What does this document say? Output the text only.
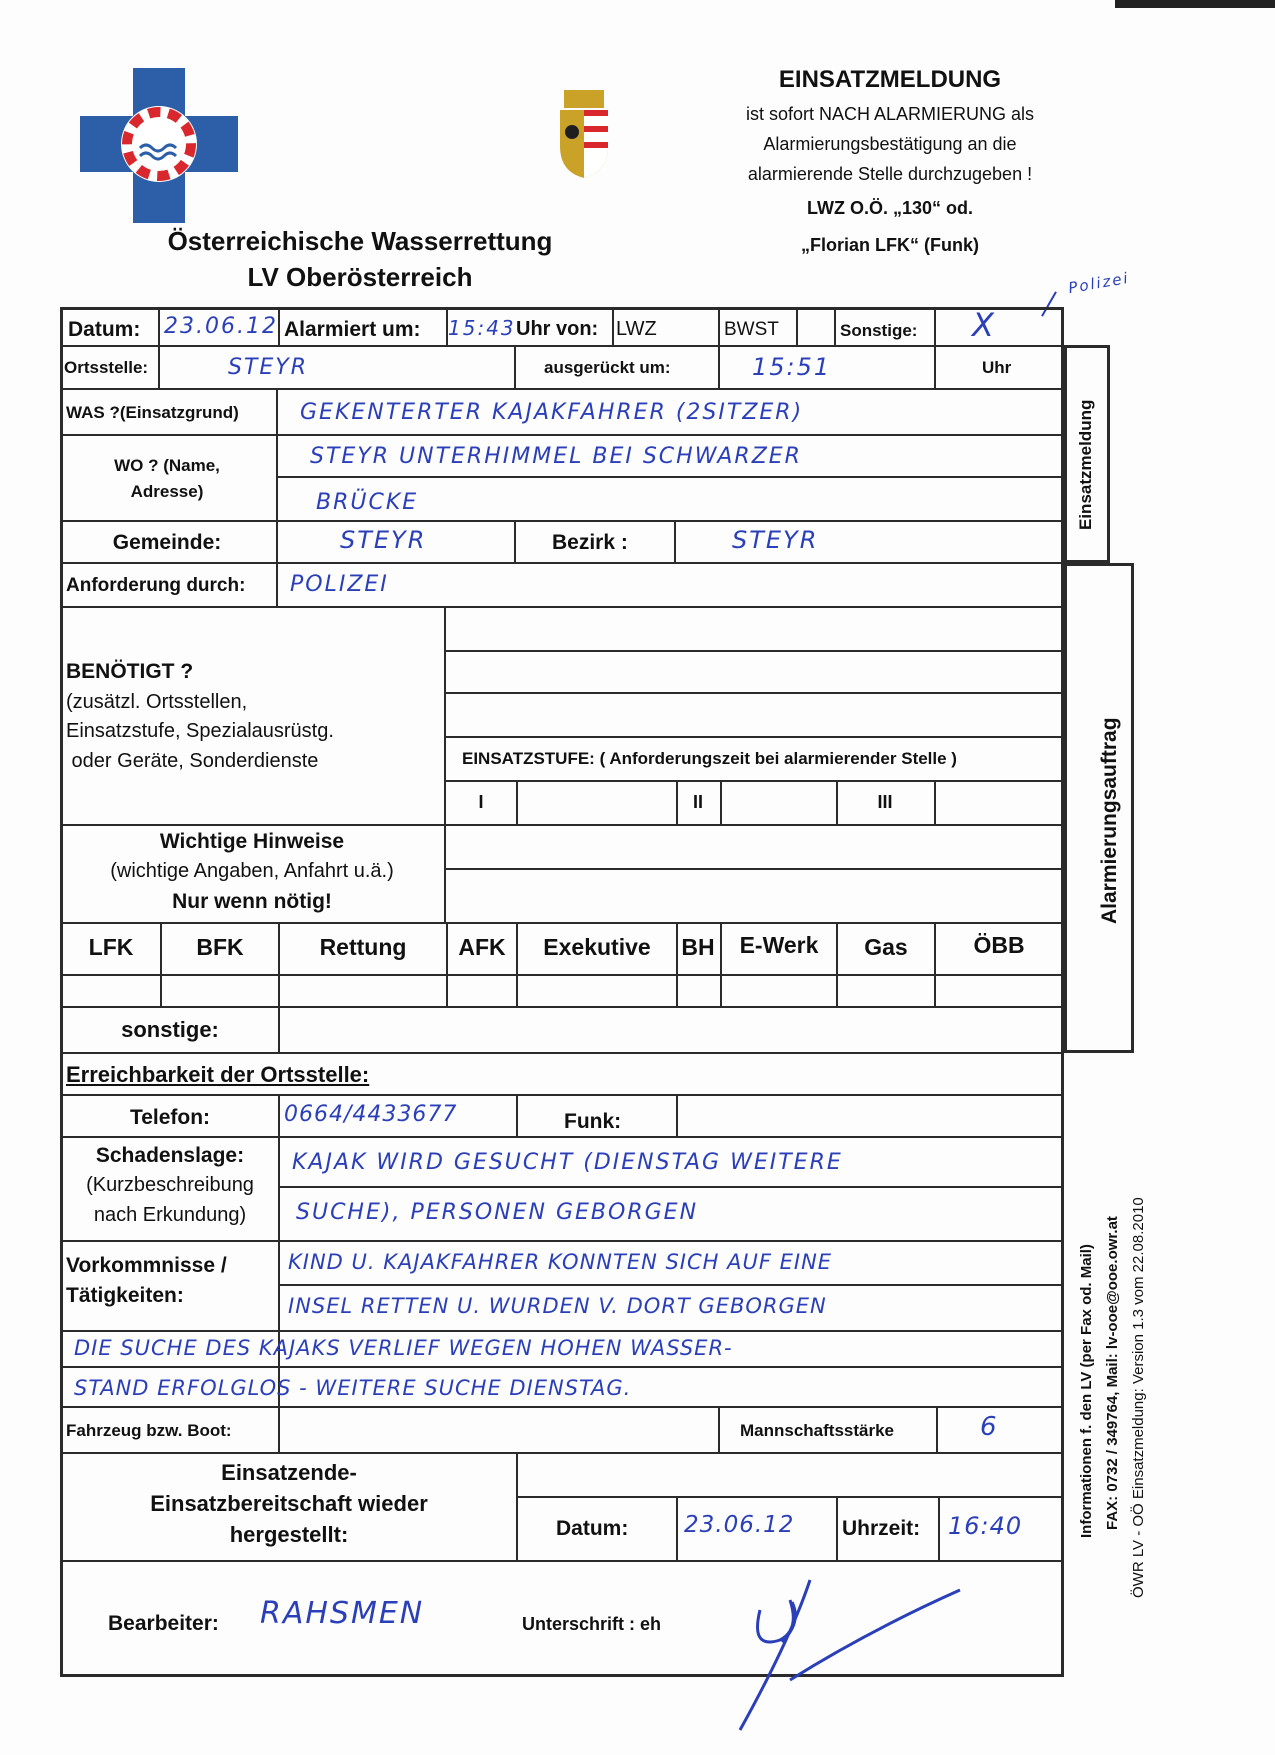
Österreichische Wasserrettung
LV Oberösterreich
EINSATZMELDUNG
ist sofort NACH ALARMIERUNG als
Alarmierungsbestätigung an die
alarmierende Stelle durchzugeben !
LWZ O.Ö. „130“ od.
„Florian LFK“ (Funk)
Polizei
Einsatzmeldung
Alarmierungsauftrag
Datum: 23.06.12 Alarmiert um: 15:43 Uhr von: LWZ	BWST	Sonstige: X
Ortsstelle:	STEYR	ausgerückt um:	15:51	Uhr
WAS ?(Einsatzgrund)	GEKENTERTER KAJAKFAHRER (2SITZER)
WO ? (Name,
Adresse)
STEYR UNTERHIMMEL BEI SCHWARZER
BRÜCKE
Gemeinde:	STEYR	Bezirk :	STEYR
Anforderung durch: POLIZEI
BENÖTIGT ?
(zusätzl. Ortsstellen,
Einsatzstufe, Spezialausrüstg.
oder Geräte, Sonderdienste	EINSATZSTUFE: ( Anforderungszeit bei alarmierender Stelle )
I	II	III
Wichtige Hinweise
(wichtige Angaben, Anfahrt u.ä.)
Nur wenn nötig!
LFK	BFK	Rettung	AFK	Exekutive	BH	E-Werk	Gas	ÖBB
sonstige:
Erreichbarkeit der Ortsstelle:
Telefon:	0664/4433677	Funk:
Schadenslage:
(Kurzbeschreibung
nach Erkundung)
KAJAK WIRD GESUCHT (DIENSTAG WEITERE
SUCHE), PERSONEN GEBORGEN
Vorkommnisse /
Tätigkeiten:
KIND U. KAJAKFAHRER KONNTEN SICH AUF EINE
INSEL RETTEN U. WURDEN V. DORT GEBORGEN
DIE SUCHE DES KAJAKS VERLIEF WEGEN HOHEN WASSER-
STAND ERFOLGLOS - WEITERE SUCHE DIENSTAG.
Fahrzeug bzw. Boot:	Mannschaftsstärke	6
Einsatzende-
Einsatzbereitschaft wieder
hergestellt:	Datum: 23.06.12 Uhrzeit: 16:40
Bearbeiter: RAHSMEN	Unterschrift : eh
Informationen f. den LV (per Fax od. Mail) FAX: 0732 / 349764, Mail: lv-ooe@ooe.owr.at ÖWR LV - OÖ Einsatzmeldung: Version 1.3 vom 22.08.2010
